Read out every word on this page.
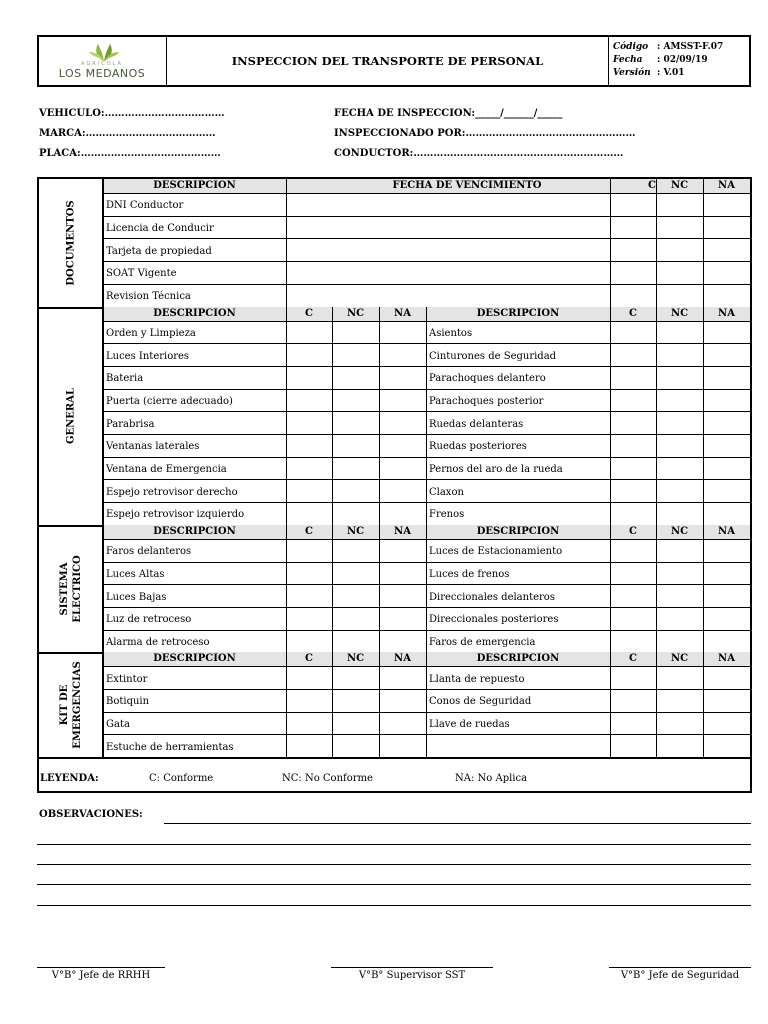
AGRICOLA
LOS MEDANOS
INSPECCION DEL TRANSPORTE DE PERSONAL
Código : AMSST-F.07
Fecha : 02/09/19
Versión : V.01
VEHICULO:………………………………
MARCA:…………………………………
PLACA:……………………………………
FECHA DE INSPECCION:_____/______/_____
INSPECCIONADO POR:……………………………………………
CONDUCTOR:………………………………………………………
DESCRIPCION	FECHA DE VENCIMIENTO	C	NC	NA
DNI Conductor
Licencia de Conducir
Tarjeta de propiedad
SOAT Vigente
Revision Técnica
DOCUMENTOS
DESCRIPCION	C	NC	NA	DESCRIPCION	C	NC	NA
Orden y Limpieza	Asientos
Luces Interiores	Cinturones de Seguridad
Bateria	Parachoques delantero
Puerta (cierre adecuado)	Parachoques posterior
Parabrisa	Ruedas delanteras
Ventanas laterales	Ruedas posteriores
Ventana de Emergencia	Pernos del aro de la rueda
Espejo retrovisor derecho	Claxon
Espejo retrovisor izquierdo	Frenos
GENERAL
DESCRIPCION	C	NC	NA	DESCRIPCION	C	NC	NA
Faros delanteros	Luces de Estacionamiento
Luces Altas	Luces de frenos
Luces Bajas	Direccionales delanteros
Luz de retroceso	Direccionales posteriores
Alarma de retroceso	Faros de emergencia
SISTEMA ELECTRICO
DESCRIPCION	C	NC	NA	DESCRIPCION	C	NC	NA
Extintor	Llanta de repuesto
Botiquin	Conos de Seguridad
Gata	Llave de ruedas
Estuche de herramientas
KIT DE EMERGENCIAS
LEYENDA:	C: Conforme	NC: No Conforme	NA: No Aplica
OBSERVACIONES:
V°B° Jefe de RRHH	V°B° Supervisor SST	V°B° Jefe de Seguridad
